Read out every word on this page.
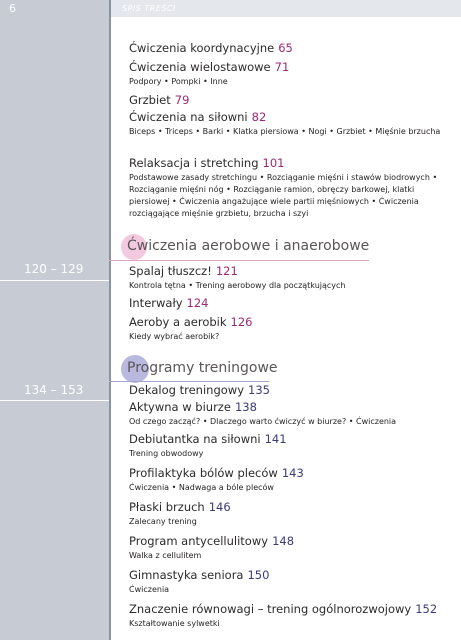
6	SPIS TREŚCI
Ćwiczenia koordynacyjne 65
Ćwiczenia wielostawowe 71
Podpory • Pompki • Inne
Grzbiet 79
Ćwiczenia na siłowni 82
Biceps • Triceps • Barki • Klatka piersiowa • Nogi • Grzbiet • Mięśnie brzucha
Relaksacja i stretching 101
Podstawowe zasady stretchingu • Rozciąganie mięśni i stawów biodrowych • Rozciąganie mięśni nóg • Rozciąganie ramion, obręczy barkowej, klatki piersiowej • Ćwiczenia angażujące wiele partii mięśniowych • Ćwiczenia rozciągające mięśnie grzbietu, brzucha i szyi
Ćwiczenia aerobowe i anaerobowe
120 – 129	Spalaj tłuszcz! 121
Kontrola tętna • Trening aerobowy dla początkujących
Interwały 124
Aeroby a aerobik 126
Kiedy wybrać aerobik?
Programy treningowe
134 – 153	Dekalog treningowy 135
Aktywna w biurze 138
Od czego zacząć? • Dlaczego warto ćwiczyć w biurze? • Ćwiczenia
Debiutantka na siłowni 141
Trening obwodowy
Profilaktyka bólów pleców 143
Ćwiczenia • Nadwaga a bóle pleców
Płaski brzuch 146
Zalecany trening
Program antycellulitowy 148
Walka z cellulitem
Gimnastyka seniora 150
Ćwiczenia
Znaczenie równowagi – trening ogólnorozwojowy 152
Kształtowanie sylwetki
